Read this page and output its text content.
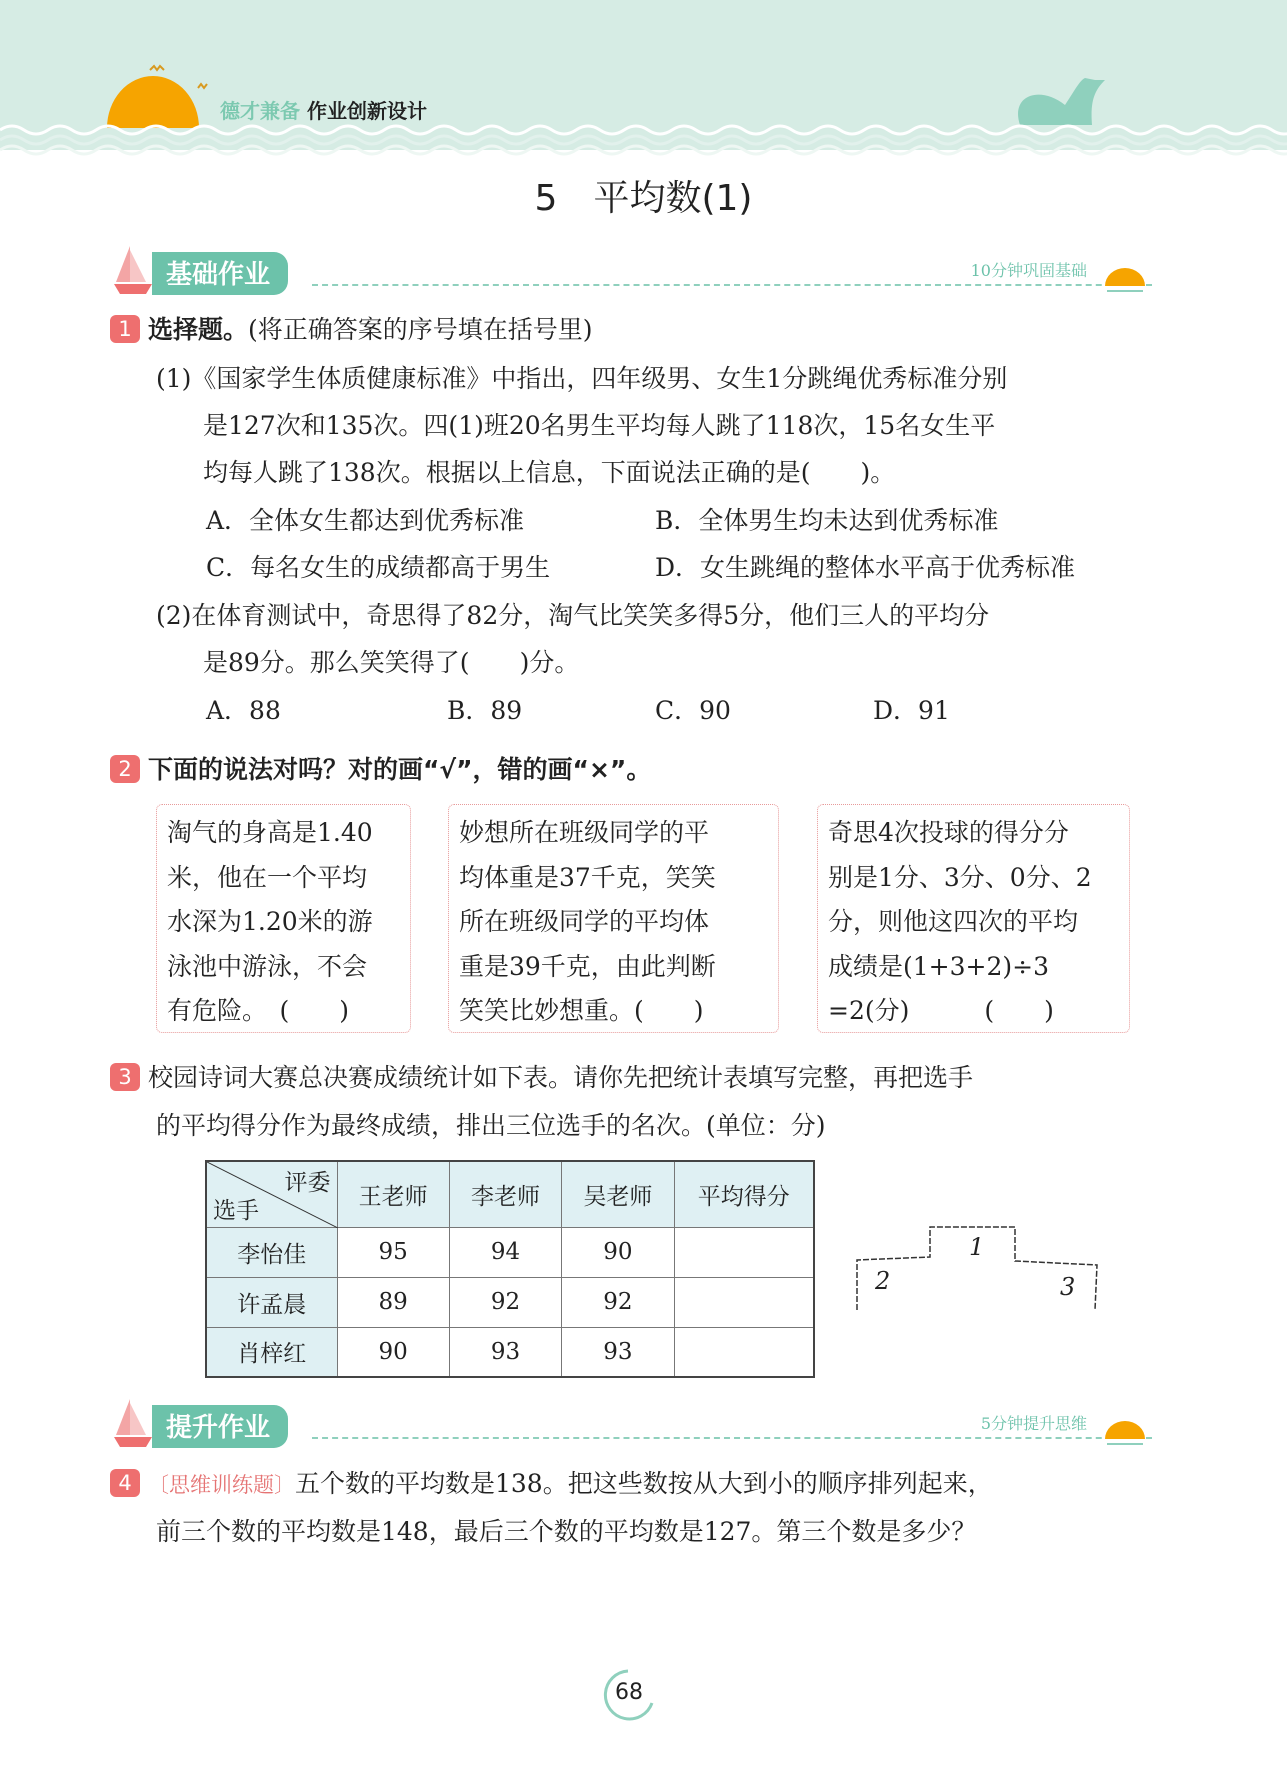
德才兼备 作业创新设计
5　平均数(1)
基础作业	10分钟巩固基础
1 选择题。(将正确答案的序号填在括号里)
(1)《国家学生体质健康标准》中指出，四年级男、女生1分跳绳优秀标准分别
是127次和135次。四(1)班20名男生平均每人跳了118次，15名女生平
均每人跳了138次。根据以上信息，下面说法正确的是(　　)。
A．全体女生都达到优秀标准	B．全体男生均未达到优秀标准
C．每名女生的成绩都高于男生	D．女生跳绳的整体水平高于优秀标准
(2)在体育测试中，奇思得了82分，淘气比笑笑多得5分，他们三人的平均分
是89分。那么笑笑得了(　　)分。
A．88	B．89	C．90	D．91
2 下面的说法对吗？对的画“√”，错的画“×”。
淘气的身高是1.40
米，他在一个平均
水深为1.20米的游
泳池中游泳，不会
有危险。　(　　)
妙想所在班级同学的平
均体重是37千克，笑笑
所在班级同学的平均体
重是39千克，由此判断
笑笑比妙想重。(　　)
奇思4次投球的得分分
别是1分、3分、0分、2
分，则他这四次的平均
成绩是(1+3+2)÷3
=2(分)　　　(　　)
3 校园诗词大赛总决赛成绩统计如下表。请你先把统计表填写完整，再把选手
的平均得分作为最终成绩，排出三位选手的名次。(单位：分)
评委
选手	王老师	李老师	吴老师	平均得分
李怡佳	95	94	90	
许孟晨	89	92	92	
肖梓红	90	93	93	
1
2	3
提升作业	5分钟提升思维
4 〔思维训练题〕五个数的平均数是138。把这些数按从大到小的顺序排列起来，
前三个数的平均数是148，最后三个数的平均数是127。第三个数是多少？
68
